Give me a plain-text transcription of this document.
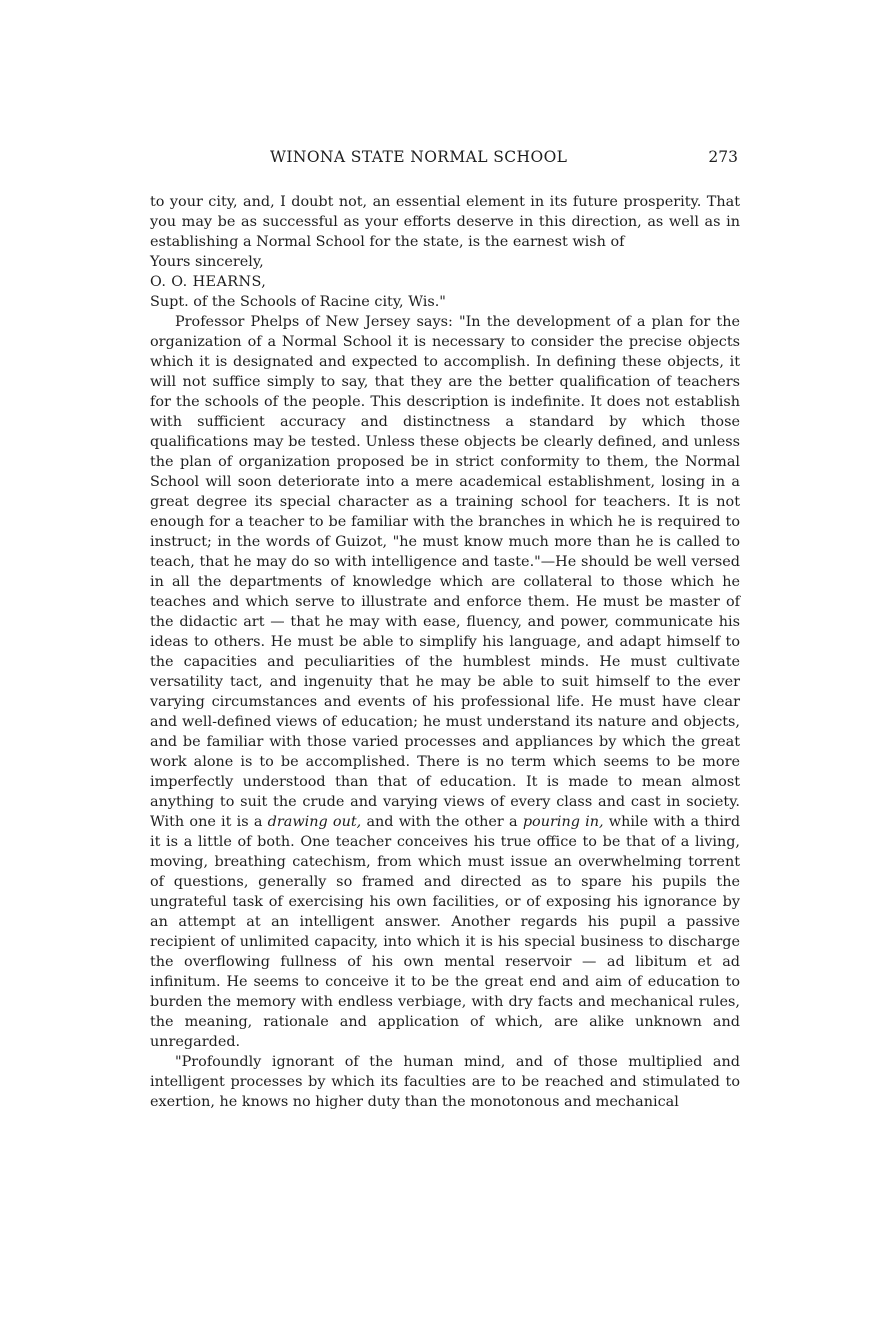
WINONA STATE NORMAL SCHOOL	273

to your city, and, I doubt not, an essential element in its future prosperity. That you may be as successful as your efforts deserve in this direction, as well as in establishing a Normal School for the state, is the earnest wish of

Yours sincerely,

O. O. HEARNS,

Supt. of the Schools of Racine city, Wis."

Professor Phelps of New Jersey says: "In the development of a plan for the organization of a Normal School it is necessary to consider the precise objects which it is designated and expected to accomplish. In defining these objects, it will not suffice simply to say, that they are the better qualification of teachers for the schools of the people. This description is indefinite. It does not establish with sufficient accuracy and distinctness a standard by which those qualifications may be tested. Unless these objects be clearly defined, and unless the plan of organization proposed be in strict conformity to them, the Normal School will soon deteriorate into a mere academical establishment, losing in a great degree its special character as a training school for teachers. It is not enough for a teacher to be familiar with the branches in which he is required to instruct; in the words of Guizot, "he must know much more than he is called to teach, that he may do so with intelligence and taste."—He should be well versed in all the departments of knowledge which are collateral to those which he teaches and which serve to illustrate and enforce them. He must be master of the didactic art — that he may with ease, fluency, and power, communicate his ideas to others. He must be able to simplify his language, and adapt himself to the capacities and peculiarities of the humblest minds. He must cultivate versatility tact, and ingenuity that he may be able to suit himself to the ever varying circumstances and events of his professional life. He must have clear and well-defined views of education; he must understand its nature and objects, and be familiar with those varied processes and appliances by which the great work alone is to be accomplished. There is no term which seems to be more imperfectly understood than that of education. It is made to mean almost anything to suit the crude and varying views of every class and cast in society. With one it is a drawing out, and with the other a pouring in, while with a third it is a little of both. One teacher conceives his true office to be that of a living, moving, breathing catechism, from which must issue an overwhelming torrent of questions, generally so framed and directed as to spare his pupils the ungrateful task of exercising his own facilities, or of exposing his ignorance by an attempt at an intelligent answer. Another regards his pupil a passive recipient of unlimited capacity, into which it is his special business to discharge the overflowing fullness of his own mental reservoir — ad libitum et ad infinitum. He seems to conceive it to be the great end and aim of education to burden the memory with endless verbiage, with dry facts and mechanical rules, the meaning, rationale and application of which, are alike unknown and unregarded.

"Profoundly ignorant of the human mind, and of those multiplied and intelligent processes by which its faculties are to be reached and stimulated to exertion, he knows no higher duty than the monotonous and mechanical
